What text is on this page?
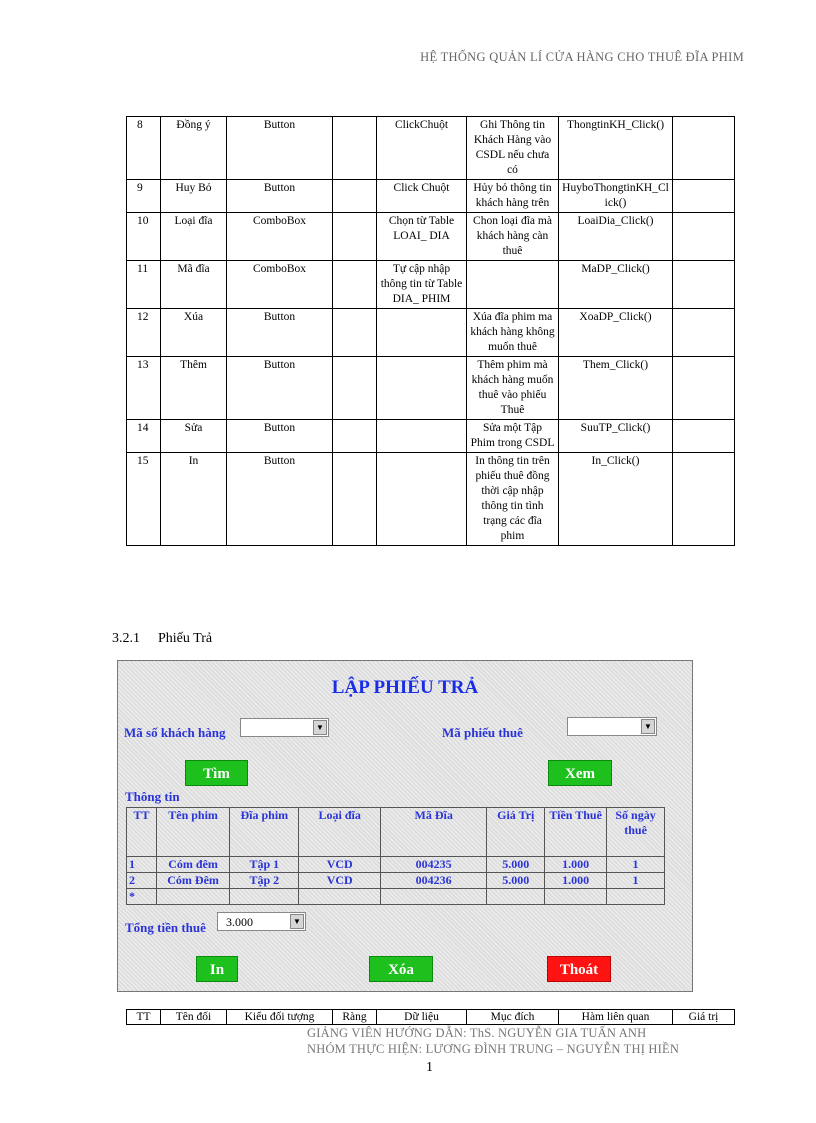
HỆ THỐNG QUẢN LÍ CỬA HÀNG CHO THUÊ ĐĨA PHIM
8	Đồng ý	Button		ClickChuột	Ghi Thông tin Khách Hàng vào CSDL nếu chưa có	ThongtinKH_Click()	
9	Huy Bỏ	Button		Click Chuột	Hủy bỏ thông tin khách hàng trên	HuyboThongtinKH_Click()	
10	Loại đĩa	ComboBox		Chọn từ Table LOAI_ DIA	Chon loại đĩa mà khách hàng càn thuê	LoaiDia_Click()	
11	Mã đĩa	ComboBox		Tự cập nhập thông tin từ Table DIA_ PHIM		MaDP_Click()	
12	Xúa	Button			Xúa đĩa phim ma khách hàng không muốn thuê	XoaDP_Click()	
13	Thêm	Button			Thêm phim mà khách hàng muốn thuê vào phiếu Thuê	Them_Click()	
14	Sửa	Button			Sửa một Tập Phim trong CSDL	SuuTP_Click()	
15	In	Button			In thông tin trên phiếu thuê đồng thời cập nhập thông tin tình trạng các đĩa phim	In_Click()	
3.2.1 Phiếu Trả
LẬP PHIẾU TRẢ
Mã số khách hàng	▼	Mã phiếu thuê	▼
Tìm	Xem
Thông tin
TT	Tên phim	Đĩa phim	Loại đĩa	Mã Đĩa	Giá Trị	Tiền Thuê	Số ngày thuê
1	Cóm đêm	Tập 1	VCD	004235	5.000	1.000	1
2	Cóm Đêm	Tập 2	VCD	004236	5.000	1.000	1
*							
Tổng tiền thuê 3.000	▼
In	Xóa	Thoát
TT	Tên đối	Kiểu đối tượng	Ràng	Dữ liệu	Mục đích	Hàm liên quan	Giá trị
GIẢNG VIÊN HƯỚNG DẪN: ThS. NGUYỄN GIA TUẤN ANH
NHÓM THỰC HIỆN: LƯƠNG ĐÌNH TRUNG – NGUYỄN THỊ HIỀN
1
